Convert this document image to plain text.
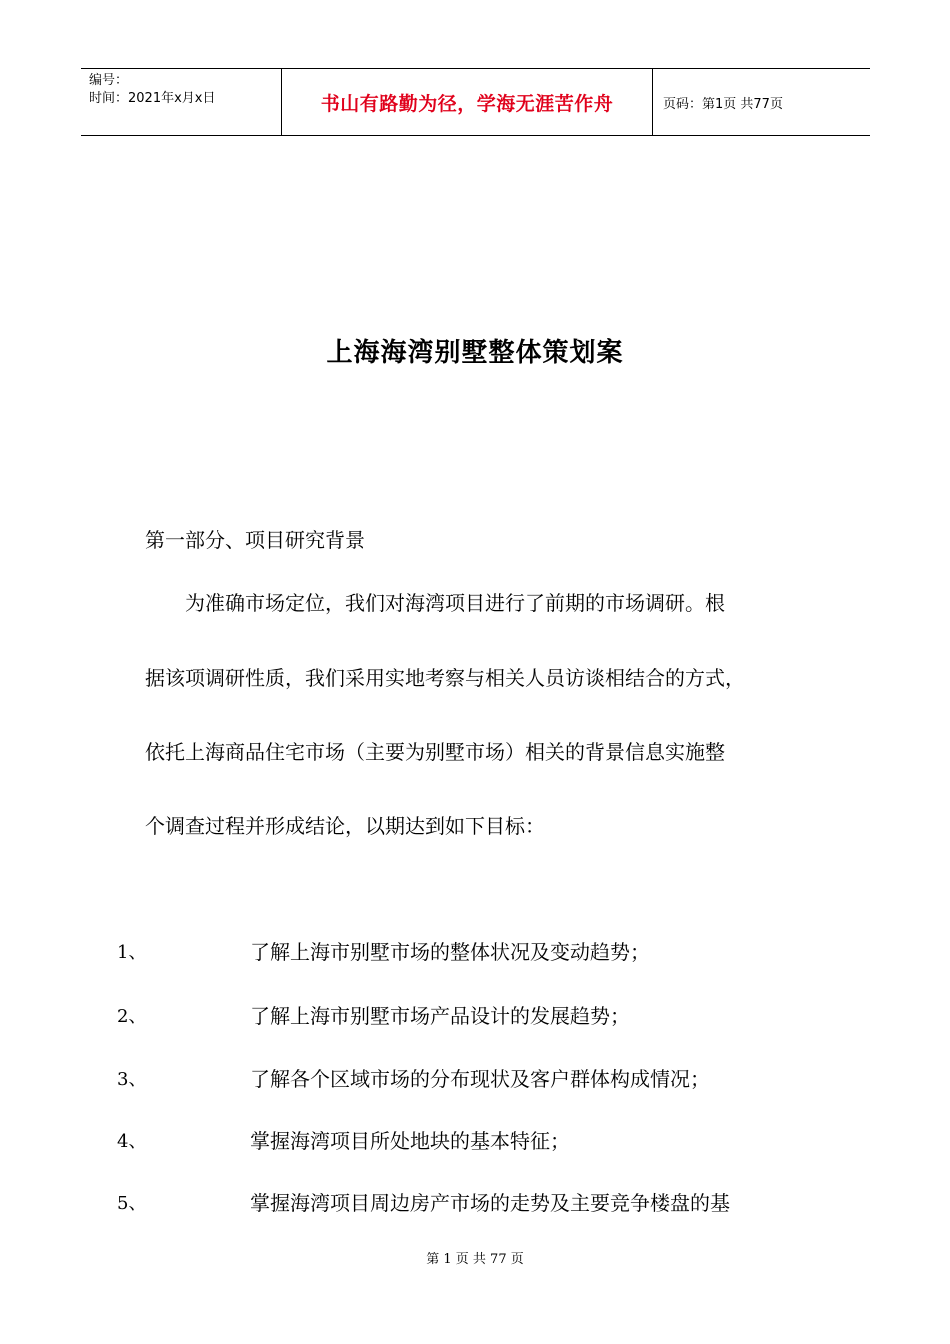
编号：
时间：2021年x月x日	书山有路勤为径，学海无涯苦作舟	页码：第1页 共77页
上海海湾别墅整体策划案
第一部分、项目研究背景
　　为准确市场定位，我们对海湾项目进行了前期的市场调研。根
据该项调研性质，我们采用实地考察与相关人员访谈相结合的方式，
依托上海商品住宅市场（主要为别墅市场）相关的背景信息实施整
个调查过程并形成结论，以期达到如下目标：
1、	了解上海市别墅市场的整体状况及变动趋势；
2、	了解上海市别墅市场产品设计的发展趋势；
3、	了解各个区域市场的分布现状及客户群体构成情况；
4、	掌握海湾项目所处地块的基本特征；
5、	掌握海湾项目周边房产市场的走势及主要竞争楼盘的基
第 1 页 共 77 页
